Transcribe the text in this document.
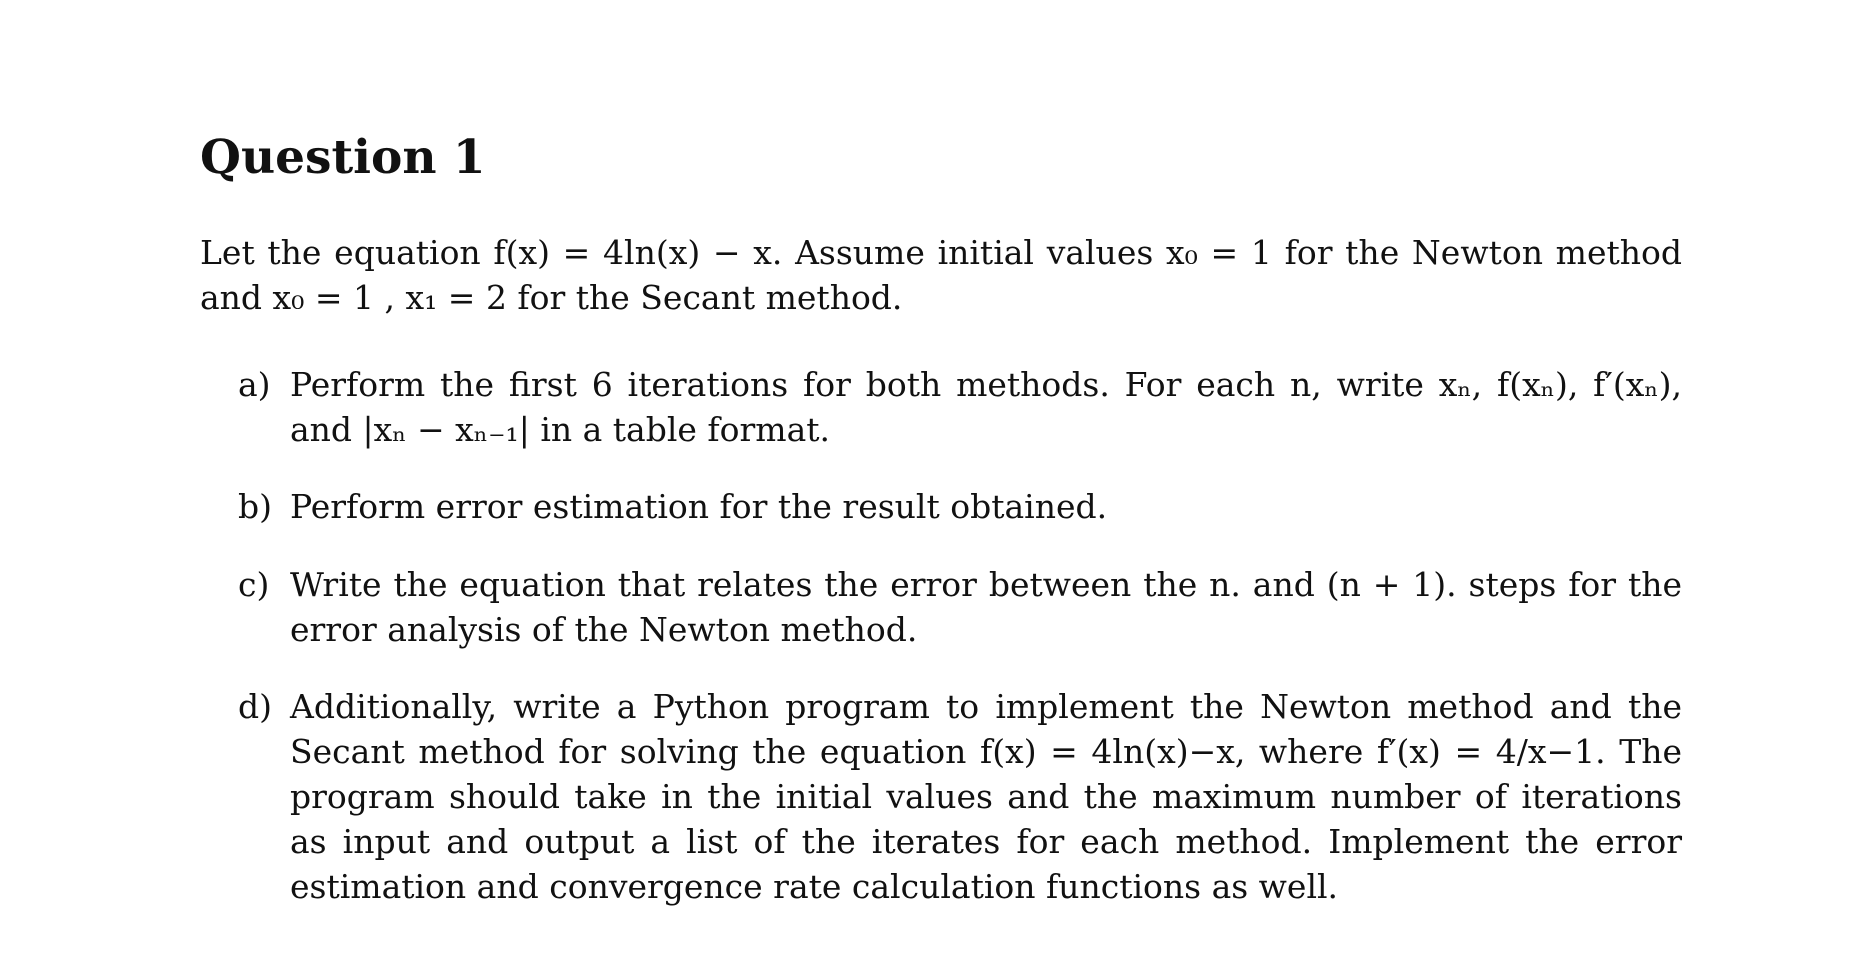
Question 1

Let the equation f(x) = 4ln(x) − x. Assume initial values x₀ = 1 for the Newton method and x₀ = 1 , x₁ = 2 for the Secant method.

a) Perform the first 6 iterations for both methods. For each n, write xₙ, f(xₙ), f′(xₙ), and |xₙ − xₙ₋₁| in a table format.
b) Perform error estimation for the result obtained.
c) Write the equation that relates the error between the n. and (n + 1). steps for the error analysis of the Newton method.
d) Additionally, write a Python program to implement the Newton method and the Secant method for solving the equation f(x) = 4ln(x)−x, where f′(x) = 4/x−1. The program should take in the initial values and the maximum number of iterations as input and output a list of the iterates for each method. Implement the error estimation and convergence rate calculation functions as well.
